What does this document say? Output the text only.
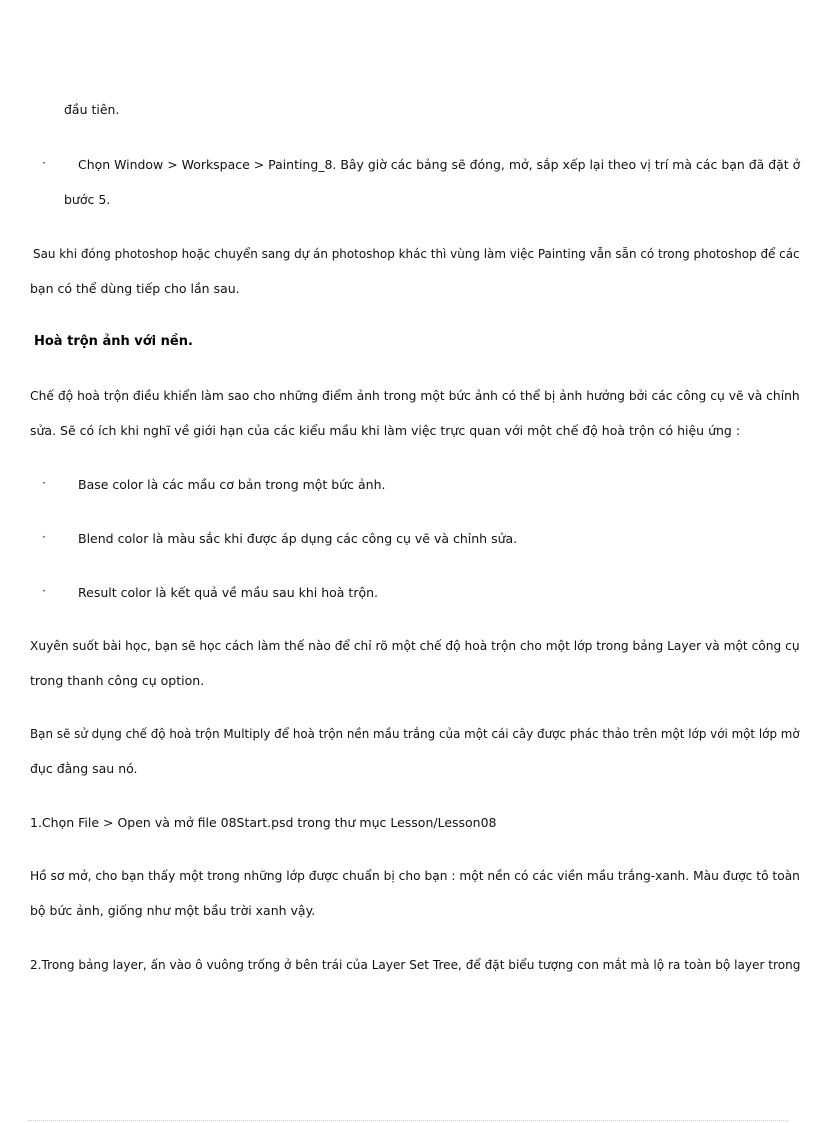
đầu tiên.
·	Chọn Window > Workspace > Painting_8. Bây giờ các bảng sẽ đóng, mở, sắp xếp lại theo vị trí mà các bạn đã đặt ở
bước 5.
Sau khi đóng photoshop hoặc chuyển sang dự án photoshop khác thì vùng làm việc Painting vẫn sẵn có trong photoshop để các
bạn có thể dùng tiếp cho lần sau.
Hoà trộn ảnh với nền.
Chế độ hoà trộn điều khiển làm sao cho những điểm ảnh trong một bức ảnh có thể bị ảnh hưởng bởi các công cụ vẽ và chỉnh
sửa. Sẽ có ích khi nghĩ về giới hạn của các kiểu mầu khi làm việc trực quan với một chế độ hoà trộn có hiệu ứng :
·	Base color là các mầu cơ bản trong một bức ảnh.
·	Blend color là màu sắc khi được áp dụng các công cụ vẽ và chỉnh sửa.
·	Result color là kết quả về mầu sau khi hoà trộn.
Xuyên suốt bài học, bạn sẽ học cách làm thế nào để chỉ rõ một chế độ hoà trộn cho một lớp trong bảng Layer và một công cụ
trong thanh công cụ option.
Bạn sẽ sử dụng chế độ hoà trộn Multiply để hoà trộn nền mầu trắng của một cái cây được phác thảo trên một lớp với một lớp mờ
đục đằng sau nó.
1.Chọn File > Open và mở file 08Start.psd trong thư mục Lesson/Lesson08
Hồ sơ mở, cho bạn thấy một trong những lớp được chuẩn bị cho bạn : một nền có các viền mầu trắng-xanh. Màu được tô toàn
bộ bức ảnh, giống như một bầu trời xanh vậy.
2.Trong bảng layer, ấn vào ô vuông trống ở bên trái của Layer Set Tree, để đặt biểu tượng con mắt mà lộ ra toàn bộ layer trong
